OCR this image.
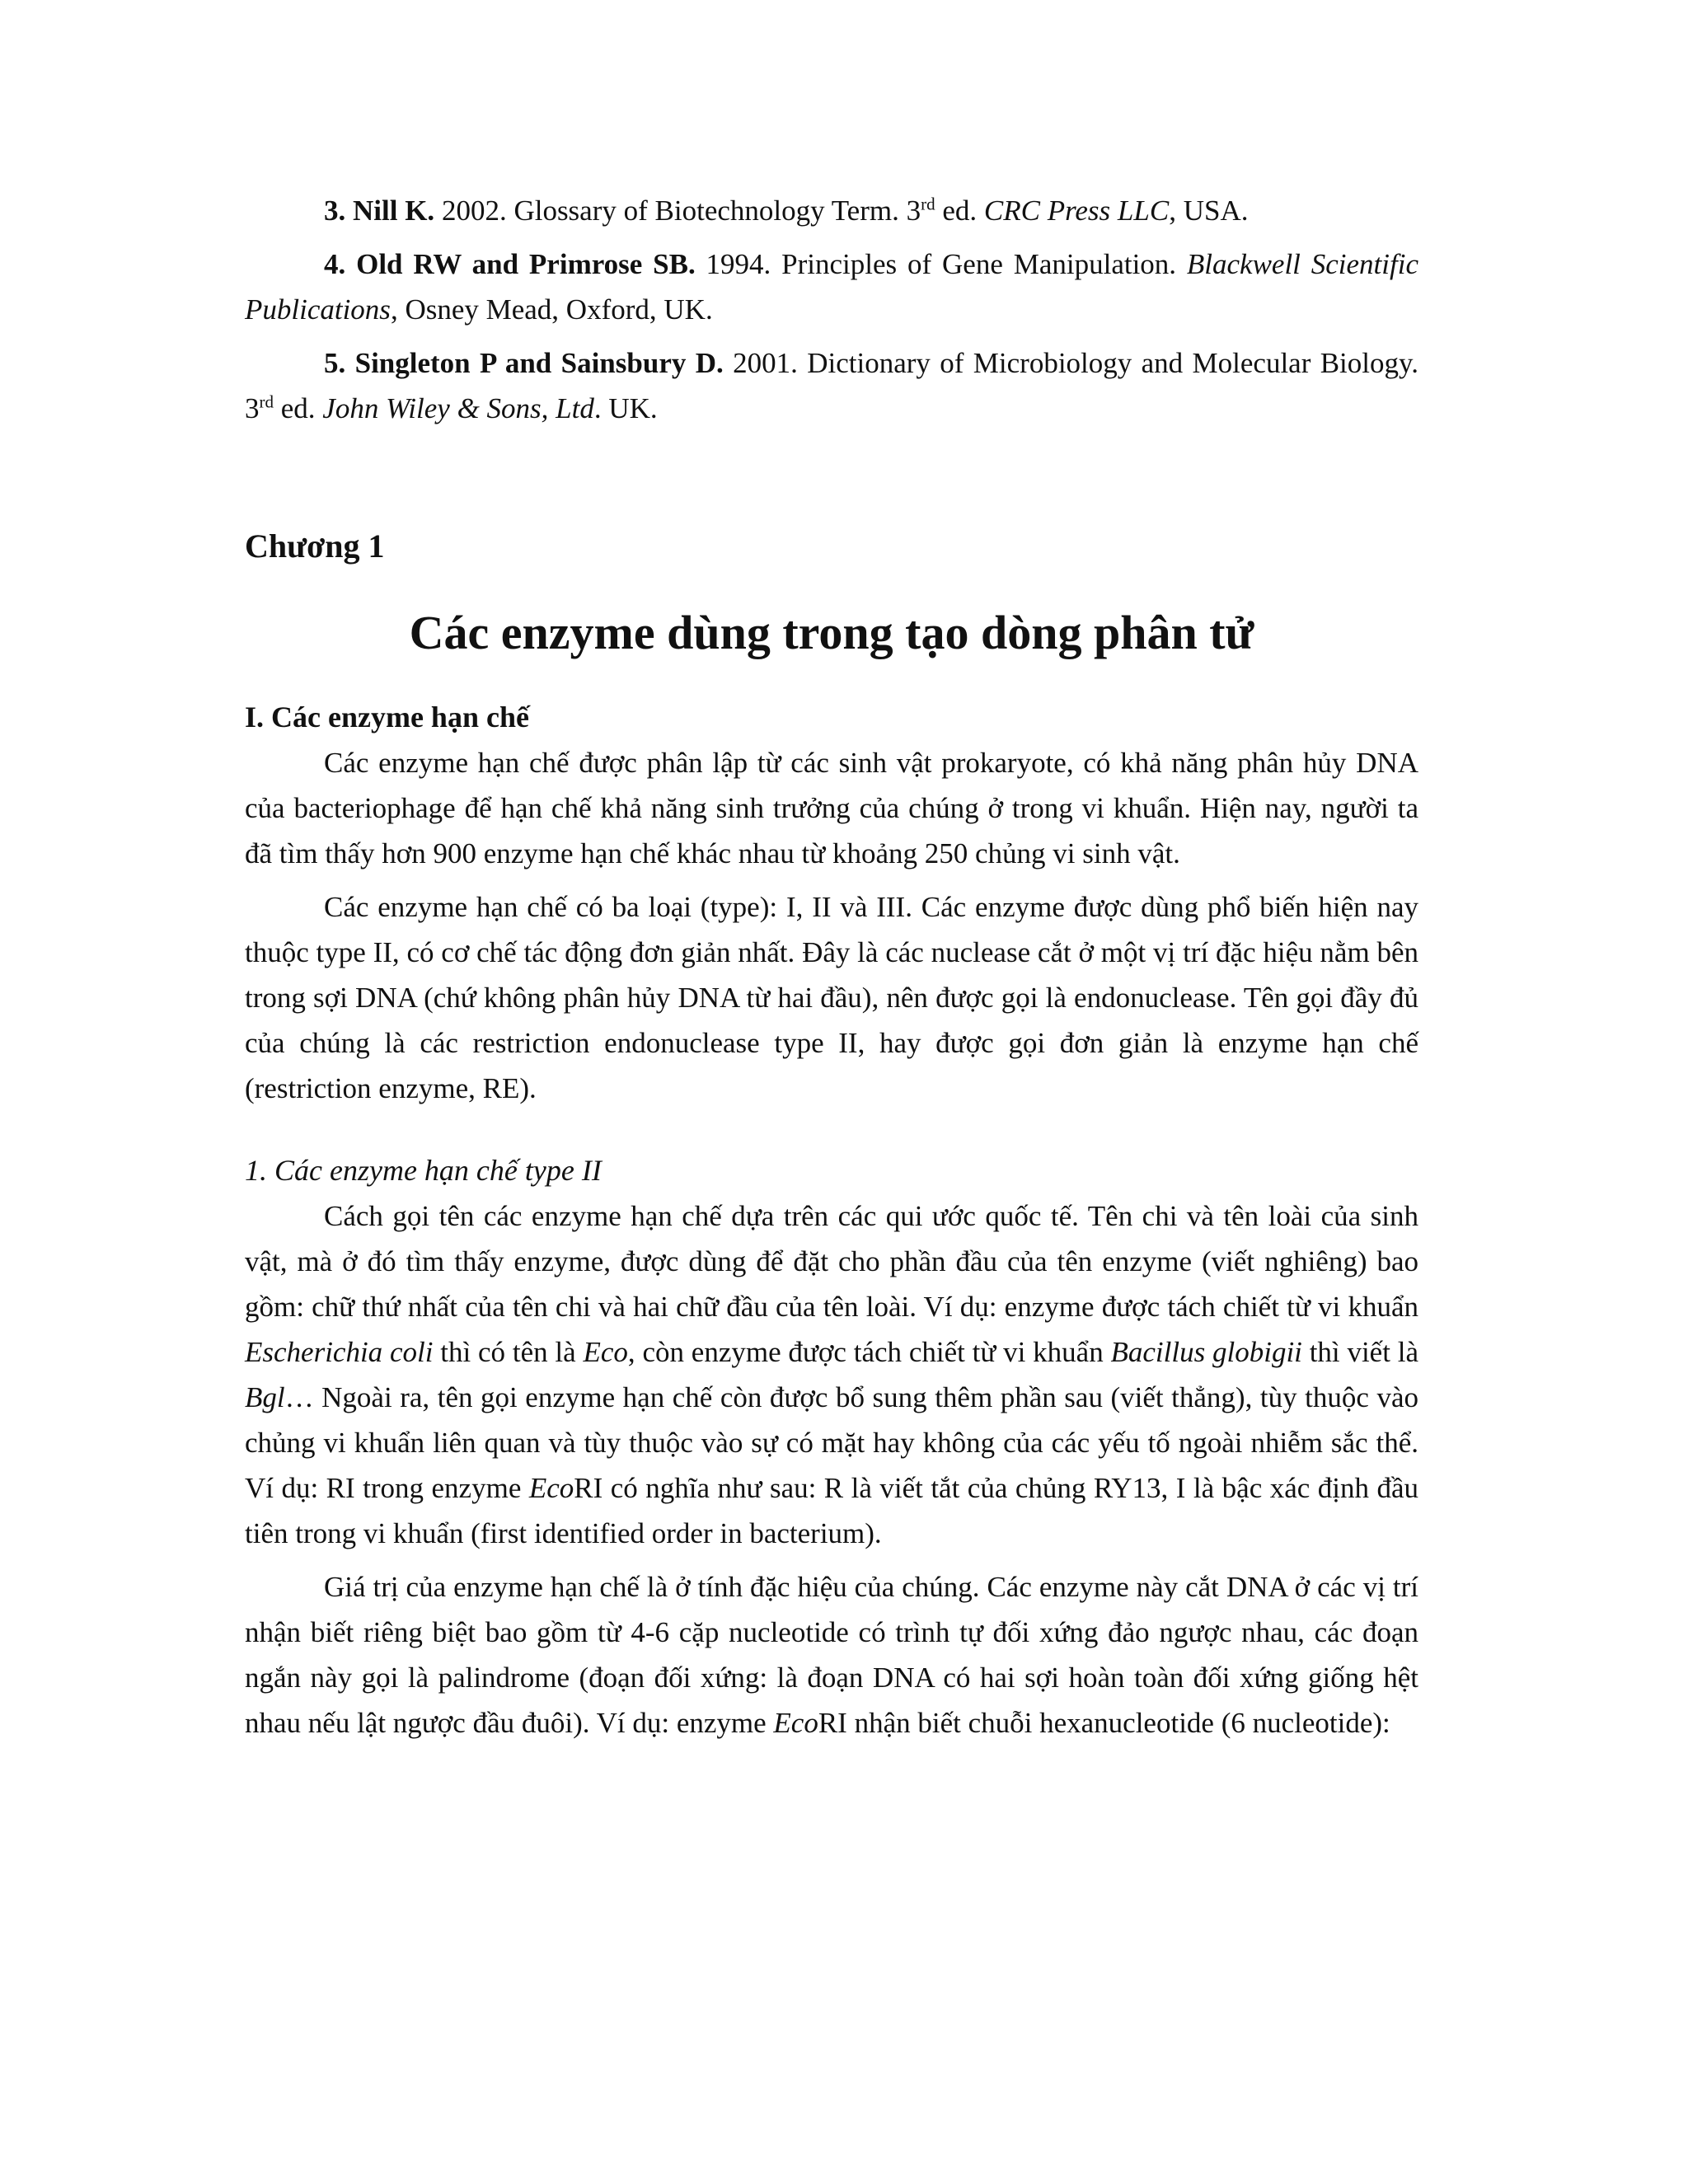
3. Nill K. 2002. Glossary of Biotechnology Term. 3rd ed. CRC Press LLC, USA.

4. Old RW and Primrose SB. 1994. Principles of Gene Manipulation. Blackwell Scientific Publications, Osney Mead, Oxford, UK.

5. Singleton P and Sainsbury D. 2001. Dictionary of Microbiology and Molecular Biology. 3rd ed. John Wiley & Sons, Ltd. UK.

Chương 1
Các enzyme dùng trong tạo dòng phân tử
I. Các enzyme hạn chế

Các enzyme hạn chế được phân lập từ các sinh vật prokaryote, có khả năng phân hủy DNA của bacteriophage để hạn chế khả năng sinh trưởng của chúng ở trong vi khuẩn. Hiện nay, người ta đã tìm thấy hơn 900 enzyme hạn chế khác nhau từ khoảng 250 chủng vi sinh vật.

Các enzyme hạn chế có ba loại (type): I, II và III. Các enzyme được dùng phổ biến hiện nay thuộc type II, có cơ chế tác động đơn giản nhất. Đây là các nuclease cắt ở một vị trí đặc hiệu nằm bên trong sợi DNA (chứ không phân hủy DNA từ hai đầu), nên được gọi là endonuclease. Tên gọi đầy đủ của chúng là các restriction endonuclease type II, hay được gọi đơn giản là enzyme hạn chế (restriction enzyme, RE).

1. Các enzyme hạn chế type II

Cách gọi tên các enzyme hạn chế dựa trên các qui ước quốc tế. Tên chi và tên loài của sinh vật, mà ở đó tìm thấy enzyme, được dùng để đặt cho phần đầu của tên enzyme (viết nghiêng) bao gồm: chữ thứ nhất của tên chi và hai chữ đầu của tên loài. Ví dụ: enzyme được tách chiết từ vi khuẩn Escherichia coli thì có tên là Eco, còn enzyme được tách chiết từ vi khuẩn Bacillus globigii thì viết là Bgl… Ngoài ra, tên gọi enzyme hạn chế còn được bổ sung thêm phần sau (viết thẳng), tùy thuộc vào chủng vi khuẩn liên quan và tùy thuộc vào sự có mặt hay không của các yếu tố ngoài nhiễm sắc thể. Ví dụ: RI trong enzyme EcoRI có nghĩa như sau: R là viết tắt của chủng RY13, I là bậc xác định đầu tiên trong vi khuẩn (first identified order in bacterium).

Giá trị của enzyme hạn chế là ở tính đặc hiệu của chúng. Các enzyme này cắt DNA ở các vị trí nhận biết riêng biệt bao gồm từ 4-6 cặp nucleotide có trình tự đối xứng đảo ngược nhau, các đoạn ngắn này gọi là palindrome (đoạn đối xứng: là đoạn DNA có hai sợi hoàn toàn đối xứng giống hệt nhau nếu lật ngược đầu đuôi). Ví dụ: enzyme EcoRI nhận biết chuỗi hexanucleotide (6 nucleotide):
